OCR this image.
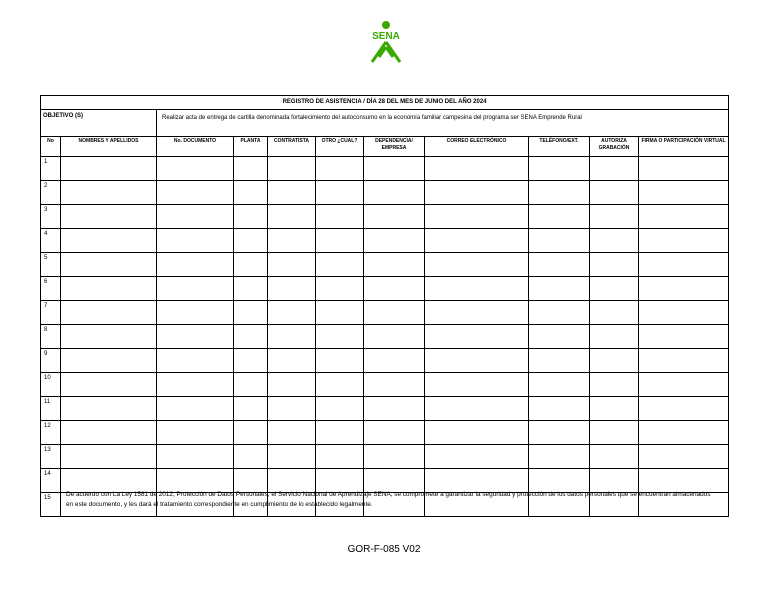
SENA
REGISTRO DE ASISTENCIA / DÍA 28 DEL MES DE JUNIO DEL AÑO 2024										
OBJETIVO (S)		Realizar acta de entrega de cartilla denominada fortalecimiento del autoconsumo en la economía familiar campesina del programa ser SENA Emprende Rural								
No	NOMBRES Y APELLIDOS	No. DOCUMENTO	PLANTA	CONTRATISTA	OTRO ¿CUAL?	DEPENDENCIA/ EMPRESA	CORREO ELECTRÓNICO	TELÉFONO/EXT.	AUTORIZA GRABACIÓN	FIRMA O PARTICIPACIÓN VIRTUAL
1										
2										
3										
4										
5										
6										
7										
8										
9										
10										
11										
12										
13										
14										
15										De acuerdo con La Ley 1581 de 2012, Protección de Datos Personales, el Servicio Nacional de Aprendizaje SENA, se compromete a garantizar la seguridad y protección de los datos personales que se encuentran almacenados en este documento, y les dará el tratamiento correspondiente en cumplimiento de lo establecido legalmente.
GOR-F-085 V02
